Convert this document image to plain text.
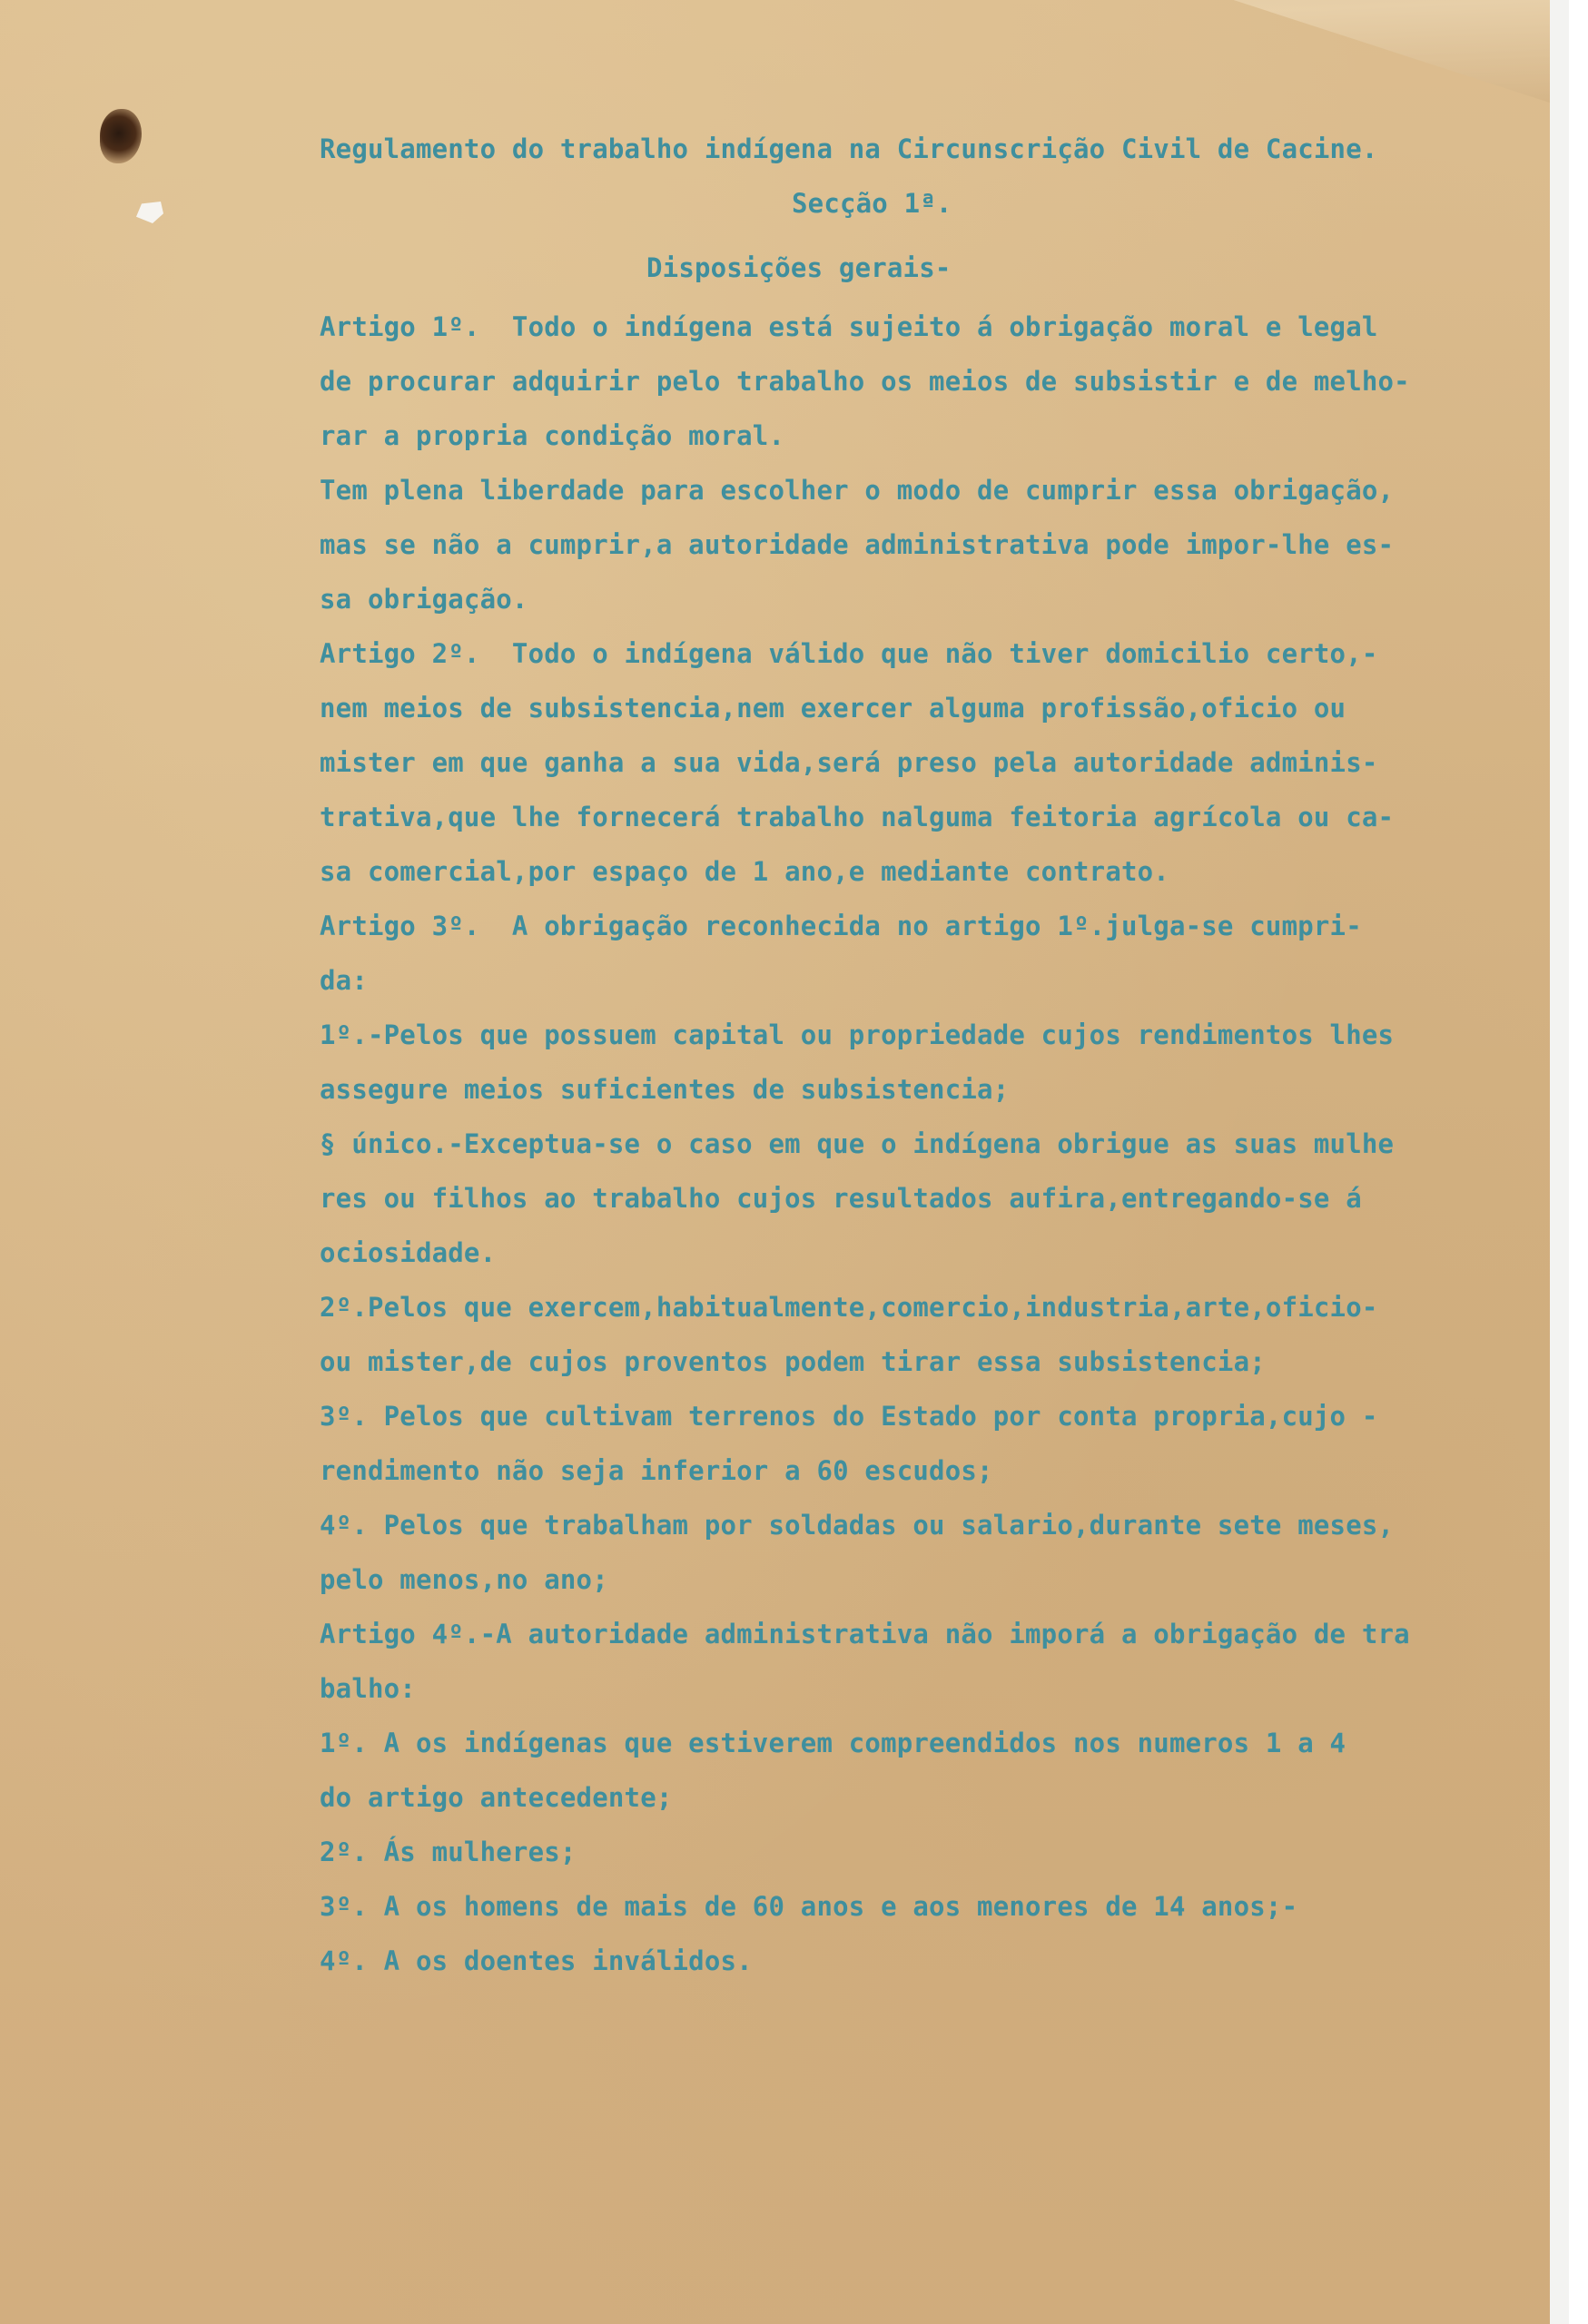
Regulamento do trabalho indígena na Circunscrição Civil de Cacine.
Secção 1ª.
Disposições gerais-
Artigo 1º.  Todo o indígena está sujeito á obrigação moral e legal
de procurar adquirir pelo trabalho os meios de subsistir e de melho-
rar a propria condição moral.
Tem plena liberdade para escolher o modo de cumprir essa obrigação,
mas se não a cumprir,a autoridade administrativa pode impor-lhe es-
sa obrigação.
Artigo 2º.  Todo o indígena válido que não tiver domicilio certo,-
nem meios de subsistencia,nem exercer alguma profissão,oficio ou
mister em que ganha a sua vida,será preso pela autoridade adminis-
trativa,que lhe fornecerá trabalho nalguma feitoria agrícola ou ca-
sa comercial,por espaço de 1 ano,e mediante contrato.
Artigo 3º.  A obrigação reconhecida no artigo 1º.julga-se cumpri-
da:
1º.-Pelos que possuem capital ou propriedade cujos rendimentos lhes
assegure meios suficientes de subsistencia;
§ único.-Exceptua-se o caso em que o indígena obrigue as suas mulhe
res ou filhos ao trabalho cujos resultados aufira,entregando-se á
ociosidade.
2º.Pelos que exercem,habitualmente,comercio,industria,arte,oficio-
ou mister,de cujos proventos podem tirar essa subsistencia;
3º. Pelos que cultivam terrenos do Estado por conta propria,cujo -
rendimento não seja inferior a 60 escudos;
4º. Pelos que trabalham por soldadas ou salario,durante sete meses,
pelo menos,no ano;
Artigo 4º.-A autoridade administrativa não imporá a obrigação de tra
balho:
1º. A os indígenas que estiverem compreendidos nos numeros 1 a 4
do artigo antecedente;
2º. Ás mulheres;
3º. A os homens de mais de 60 anos e aos menores de 14 anos;-
4º. A os doentes inválidos.
